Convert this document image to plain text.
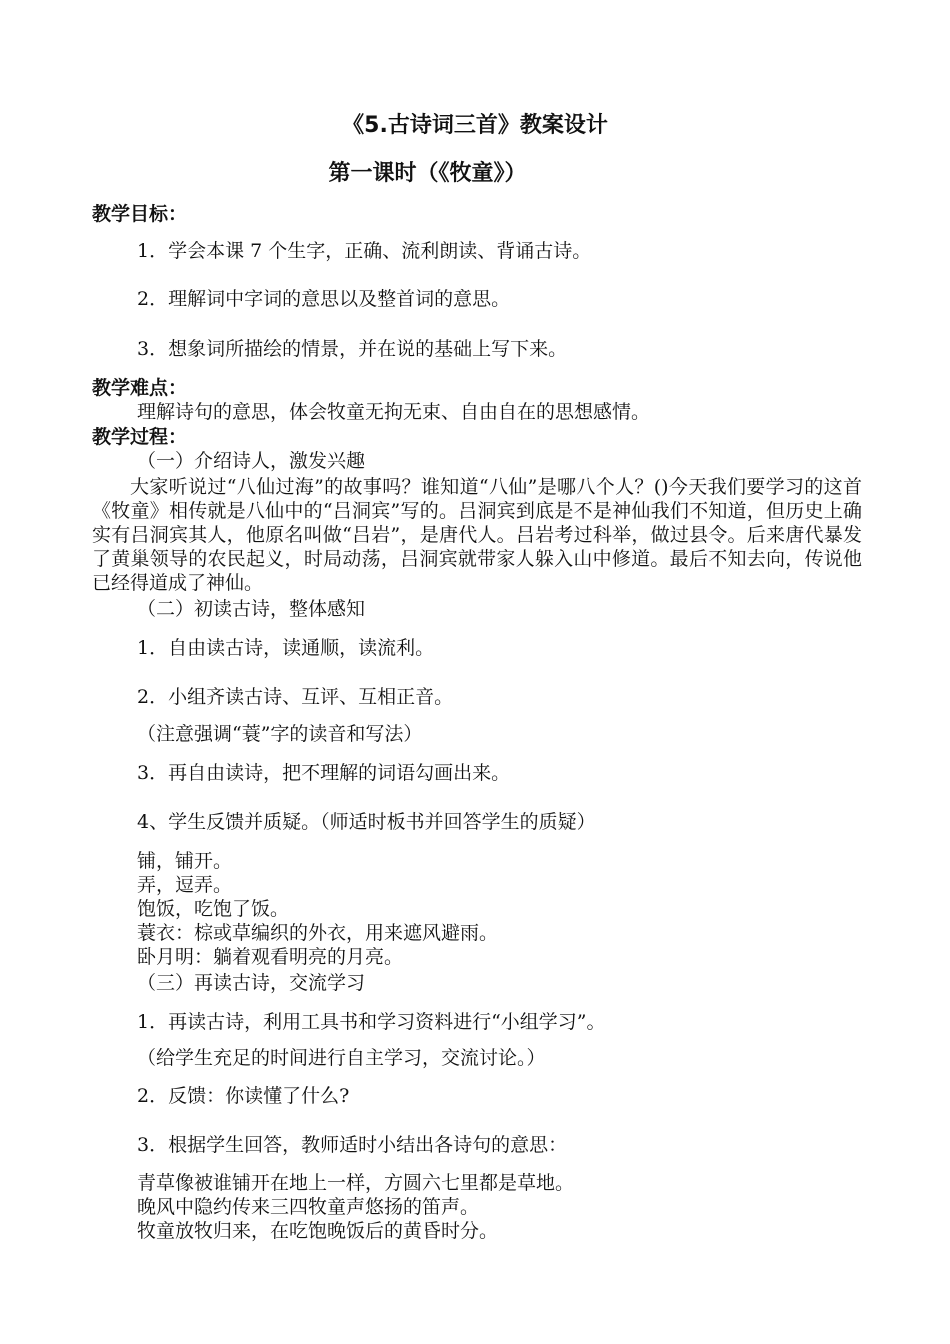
《5.古诗词三首》教案设计
第一课时（《牧童》）
教学目标：
1．学会本课 7 个生字，正确、流利朗读、背诵古诗。
2．理解词中字词的意思以及整首词的意思。
3．想象词所描绘的情景，并在说的基础上写下来。
教学难点：
理解诗句的意思，体会牧童无拘无束、自由自在的思想感情。
教学过程：
（一）介绍诗人，激发兴趣
大家听说过“八仙过海”的故事吗？谁知道“八仙”是哪八个人？()今天我们要学习的这首《牧童》相传就是八仙中的“吕洞宾”写的。吕洞宾到底是不是神仙我们不知道，但历史上确实有吕洞宾其人，他原名叫做“吕岩”，是唐代人。吕岩考过科举，做过县令。后来唐代暴发了黄巢领导的农民起义，时局动荡，吕洞宾就带家人躲入山中修道。最后不知去向，传说他已经得道成了神仙。
（二）初读古诗，整体感知
1．自由读古诗，读通顺，读流利。
2．小组齐读古诗、互评、互相正音。
（注意强调“蓑”字的读音和写法）
3．再自由读诗，把不理解的词语勾画出来。
4、学生反馈并质疑。（师适时板书并回答学生的质疑）
铺，铺开。
弄，逗弄。
饱饭，吃饱了饭。
蓑衣：棕或草编织的外衣，用来遮风避雨。
卧月明：躺着观看明亮的月亮。
（三）再读古诗，交流学习
1．再读古诗，利用工具书和学习资料进行“小组学习”。
（给学生充足的时间进行自主学习，交流讨论。）
2．反馈：你读懂了什么?
3．根据学生回答，教师适时小结出各诗句的意思：
青草像被谁铺开在地上一样，方圆六七里都是草地。
晚风中隐约传来三四牧童声悠扬的笛声。
牧童放牧归来，在吃饱晚饭后的黄昏时分。
